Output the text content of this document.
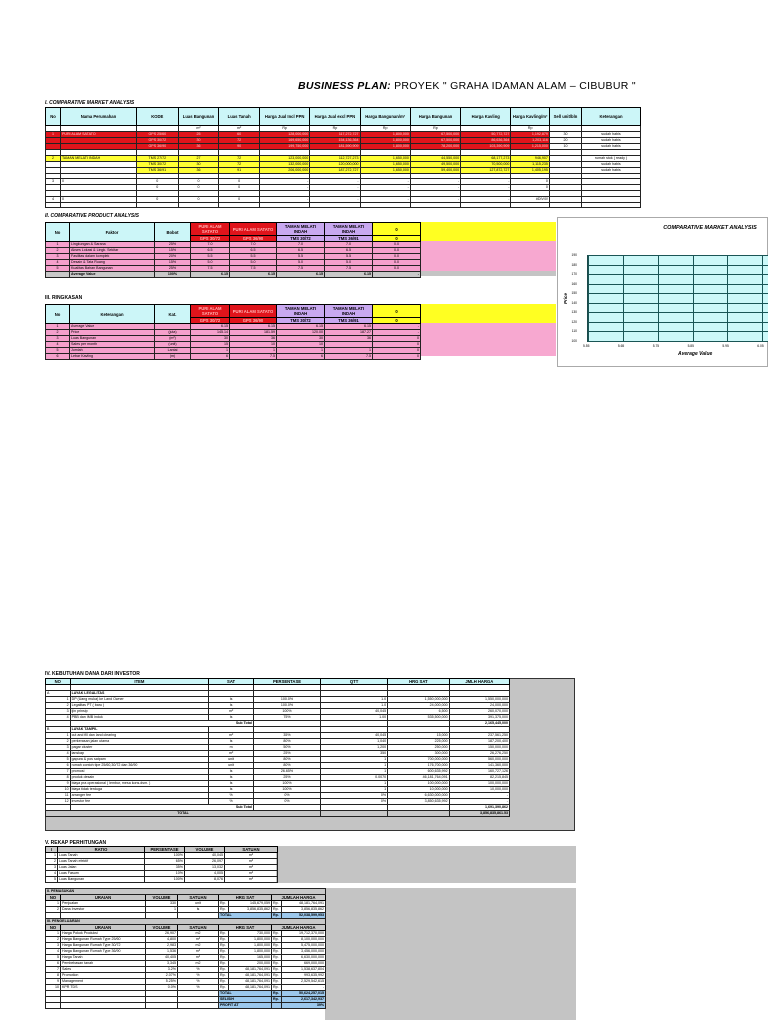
BUSINESS PLAN: PROYEK " GRAHA IDAMAN ALAM – CIBUBUR "
I. COMPARATIVE MARKET ANALYSIS
No	Nama Perumahan	KODE	Luas Bangunan	Luas Tanah	Harga Jual Incl PPN	Harga Jual excl PPN	Harga Bangunan/m²	Harga Bangunan	Harga Kavling	Harga Kavling/m²	Sell unit/bln	Keterangan
			m²	m²	Rp	Rp	Rp	Rp		Rp		
1	PURI ALAM SATATO	GPS 25/60	25	60	128,000,000	117,272,727	1,800,000	67,500,000	50,772,727	1,192,879	30	sudah habis
		GPS 30/72	30	72	169,650,000	154,136,364	1,800,000	67,500,000	86,636,364	1,203,116	20	sudah habis
		GPS 36/90	36	90	199,750,000	181,590,909	1,800,000	78,200,000	103,390,909	1,215,000	10	sudah habis

2	TAMAN MELATI INDAH	TMS 27/72	27	72	123,000,000	112,727,273	1,650,000	44,550,000	68,177,273	946,907		rumah stok ( ready )
		TMS 30/72	30	72	132,000,000	120,000,000	1,650,000	49,500,000	70,500,000	1,115,235		sudah habis
		TMS 36/91	36	91	206,000,000	187,272,727	1,650,000	59,400,000	127,872,727	1,405,195		sudah habis

3	0	0	0	0	-	-	-	-	-	0		
		0	0	0	-	-	-	-	-	0		

4	0	0	0	0	-	-	-	-	-	#DIV/0!		

II. COMPARATIVE PRODUCT ANALYSIS
No	Faktor	Bobot	PURI ALAM SATATO	PURI ALAM SATATO	TAMAN MELATI INDAH	TAMAN MELATI INDAH	0
			GPS 30/72	GPS 36/90	TMS 30/72	TMS 36/91	0
1	Lingkungan & Sarana	25%	7.0	7.0	7.0	7.0	0.0
2	Akses Lokasi & Lingk. Sekitar	15%	6.5	6.5	6.5	6.5	0.0
3	Fasilitas dalam komplek	20%	5.5	5.5	5.5	5.5	0.0
4	Desain & Tata Ruang	15%	5.0	5.0	5.0	5.0	0.0
5	Kualitas Bahan Bangunan	25%	7.5	7.5	7.5	7.5	0.0
	Average Value	100%	6.15	6.15	6.15	6.15	-
III. RINGKASAN
No	Keterangan	Kat.	PURI ALAM SATATO	PURI ALAM SATATO	TAMAN MELATI INDAH	TAMAN MELATI INDAH	0
			GPS 30/72	GPS 36/90	TMS 30/72	TMS 36/91	0
1	Average Value		6.15	6.15	6.15	6.15	-
2	Price	(juta)	145.14	181.59	120.00	187.27	-
3	Luas Bangunan	(m²)	30	36	30	36	0
4	Sales per month	(unit)	15	10	10		0
5	Jumlah	Lantai	1	1	1	1	0
6	Lebar Kavling	(m)	6	7.5	6	7.5	0
COMPARATIVE MARKET ANALYSIS
190
180
170
160
150
140
130
120
110
100
5.55	5.65	5.75	5.85	5.95	6.05
Price
Average Value
IV. KEBUTUHAN DANA DARI INVESTOR
NO	ITEM	SAT	PERSENTASE	QTT	HRG SAT	JMLH HARGA

A	LAYAK LEGALITAS					
1	DP (Uang muka) ke Land Owner	ls	100.0%	1.0	1,550,000,000	1,550,000,000
2	Legalitas PT ( baru )	ls	100.0%	1.0	24,000,000	24,000,000
3	ijin prinsip	m²	100%	40,045	6,500	260,070,000
4	PBB dan IMB induk	ls	75%	1.00	535,500,000	391,375,000
	Sub Total					2,165,445,000
B	LAYAK TAMPIL					
1	cut and fill dan land clearing	m²	35%	40,045	15,000	237,561,250
2	perkerasan jalan utama	ls	80%	1,040	225,000	187,200,400
3	pagar cluster	m	50%	1,200	250,000	150,000,000
4	lanskap	m²	25%	350	300,000	26,276,250
5	gapura & pos satpam	unit	80%	1	700,000,000	560,000,000
6	rumah contoh tipe 25/60,30/72 dan 36/90	unit	80%	1	176,700,000	141,360,000
7	promosi	ls	26.65%	1	600,635,992	160,727,126
8	produk desain	ls	25%	0.0070	46,181,764,091	82,215,845
9	biaya pra operasional ( lembur, mesa kons.dsm. )	ls	100%	1	100,000,000	100,000,000
10	biaya tidak terduga	ls	100%	1	10,000,000	10,000,000
11	arranger fee	%	0%	0%	6,630,000,000	-
12	investor fee	%	0%	0%	3,850,635,992	-
	Sub Total					1,691,390,862
TOTAL						3,856,835,861.53
V. REKAP PERHITUNGAN
I	RATIO	PERSENTASE	VOLUME	SATUAN
1	Luas Tanah	100%	40,045	m²
2	Luas Tanah efektif	65%	26,097	m²
3	Luas Jalan	35%	13,032	m²
4	Luas Fasum	10%	4,005	m²
5	Luas Bangunan	100%	8,076	m²
II. PEMASUKAN							
NO	URAIAN	VOLUME	SATUAN	HRG SAT		JUMLAH HARGA	
1	Penjualan	330	unit	Rp.	145,679,059	Rp.	48,181,764,091
2	Dana Investor	1	ls	Rp.	3,856,835,862	Rp.	3,856,835,862
				TOTAL		Rp.	52,038,599,953
III. PENGELUARAN							
NO	URAIAN	VOLUME	SATUAN	HRG SAT		JUMLAH HARGA	
1	Harga Pokok Produksi	26,907	m2	Rp.	730,000	Rp.	19,712,370,000
2	Harga Bangunan Rumah Type 25/60	4,800	m²	Rp.	1,800,000	Rp.	8,100,000,000
3	Harga Bangunan Rumah Type 30/72	2,983	m2	Rp.	1,800,000	Rp.	5,475,000,000
4	Harga Bangunan Rumah Type 36/90	1,536	m²	Rp.	1,800,000	Rp.	3,456,000,000
5	Harga Tanah	40,405	m²	Rp.	165,000	Rp.	6,630,000,000
6	Pembebasan tanah	3,345	m2	Rp.	200,000	Rp.	669,000,000
7	Sales	3.2%	%	Rp.	48,181,764,091	Rp.	1,538,637,804
8	Promotion	2.07%	%	Rp.	48,181,764,091	Rp.	993,635,992
9	Management	5.25%	%	Rp.	48,181,764,091	Rp.	2,529,542,615
10	KPR TDS	0.0%	%	Rp.	48,181,764,091	Rp.	-
				TOTAL		Rp.	50,624,257,015
				SELISIH		Rp.	2,617,342,937
				PROFIT AT			39%
